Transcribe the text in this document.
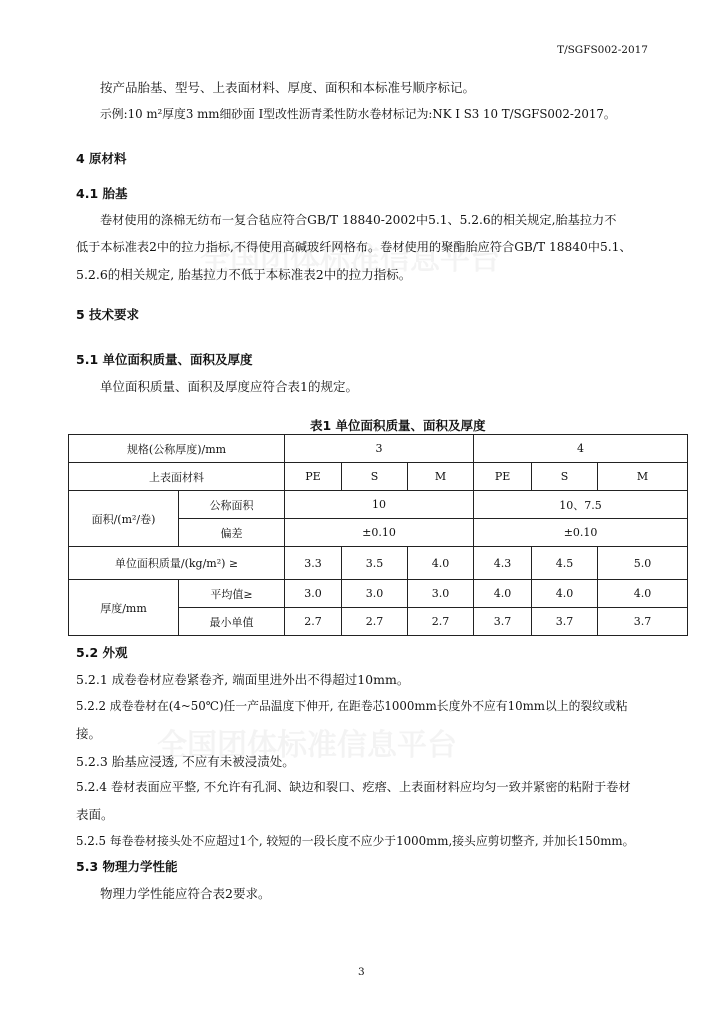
T/SGFS002-2017
按产品胎基、型号、上表面材料、厚度、面积和本标准号顺序标记。
示例:10 m²厚度3 mm细砂面 I型改性沥青柔性防水卷材标记为:NK I S3 10 T/SGFS002-2017。
4 原材料
4.1 胎基
卷材使用的涤棉无纺布一复合毡应符合GB/T 18840-2002中5.1、5.2.6的相关规定,胎基拉力不
低于本标准表2中的拉力指标,不得使用高碱玻纤网格布。卷材使用的聚酯胎应符合GB/T 18840中5.1、
5.2.6的相关规定, 胎基拉力不低于本标准表2中的拉力指标。
5 技术要求
5.1 单位面积质量、面积及厚度
单位面积质量、面积及厚度应符合表1的规定。
表1 单位面积质量、面积及厚度
规格(公称厚度)/mm		3			4		
上表面材料		PE	S	M	PE	S	M
面积/(m²/卷)	公称面积	10			10、7.5		
	偏差	±0.10			±0.10		
单位面积质量/(kg/m²) ≥		3.3	3.5	4.0	4.3	4.5	5.0
厚度/mm	平均值≥	3.0	3.0	3.0	4.0	4.0	4.0
	最小单值	2.7	2.7	2.7	3.7	3.7	3.7
5.2 外观
5.2.1 成卷卷材应卷紧卷齐, 端面里进外出不得超过10mm。
5.2.2 成卷卷材在(4~50℃)任一产品温度下伸开, 在距卷芯1000mm长度外不应有10mm以上的裂纹或粘
接。
5.2.3 胎基应浸透, 不应有未被浸渍处。
5.2.4 卷材表面应平整, 不允许有孔洞、缺边和裂口、疙瘩、上表面材料应均匀一致并紧密的粘附于卷材
表面。
5.2.5 每卷卷材接头处不应超过1个, 较短的一段长度不应少于1000mm,接头应剪切整齐, 并加长150mm。
5.3 物理力学性能
物理力学性能应符合表2要求。
3
